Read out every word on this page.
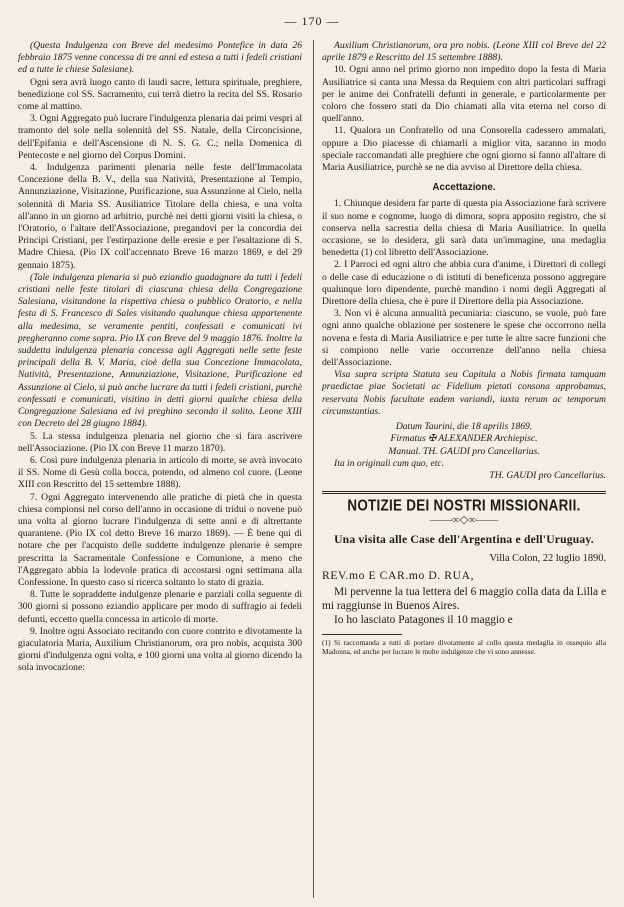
— 170 —

(Questa Indulgenza con Breve del medesimo Pontefice in data 26 febbraio 1875 venne concessa di tre anni ed estesa a tutti i fedeli cristiani ed a tutte le chiese Salesiane).

Ogni sera avrà luogo canto di laudi sacre, lettura spirituale, preghiere, benedizione col SS. Sacramento, cui terrà dietro la recita del SS. Rosario come al mattino.

3. Ogni Aggregato può lucrare l'indulgenza plenaria dai primi vespri al tramonto del sole nella solennità del SS. Natale, della Circoncisione, dell'Epifania e dell'Ascensione di N. S. G. C.; nella Domenica di Pentecoste e nel giorno del Corpus Domini.

4. Indulgenza parimenti plenaria nelle feste dell'Immacolata Concezione della B. V., della sua Natività, Presentazione al Tempio, Annunziazione, Visitazione, Purificazione, sua Assunzione al Cielo, nella solennità di Maria SS. Ausiliatrice Titolare della chiesa, e una volta all'anno in un giorno ad arbitrio, purchè nei detti giorni visiti la chiesa, o l'Oratorio, o l'altare dell'Associazione, pregandovi per la concordia dei Principi Cristiani, per l'estirpazione delle eresie e per l'esaltazione di S. Madre Chiesa. (Pio IX coll'accennato Breve 16 marzo 1869, e del 29 gennaio 1875).

(Tale indulgenza plenaria si può eziandio guadagnare da tutti i fedeli cristiani nelle feste titolari di ciascuna chiesa della Congregazione Salesiana, visitandone la rispettiva chiesa o pubblico Oratorio, e nella festa di S. Francesco di Sales visitando qualunque chiesa appartenente alla medesima, se veramente pentiti, confessati e comunicati ivi pregheranno come sopra. Pio IX con Breve del 9 maggio 1876. Inoltre la suddetta indulgenza plenaria concessa agli Aggregati nelle sette feste principali della B. V. Maria, cioè della sua Concezione Immacolata, Natività, Presentazione, Annunziazione, Visitazione, Purificazione ed Assunzione al Cielo, si può anche lucrare da tutti i fedeli cristiani, purchè confessati e comunicati, visitino in detti giorni qualche chiesa della Congregazione Salesiana ed ivi preghino secondo il solito. Leone XIII con Decreto del 28 giugno 1884).

5. La stessa indulgenza plenaria nel giorno che si fara ascrivere nell'Associazione. (Pio IX con Breve 11 marzo 1870).

6. Così pure indulgenza plenaria in articolo di morte, se avrà invocato il SS. Nome di Gesù colla bocca, potendo, od almeno col cuore. (Leone XIII con Rescritto del 15 settembre 1888).

7. Ogni Aggregato intervenendo alle pratiche di pietà che in questa chiesa compionsi nel corso dell'anno in occasione di tridui o novene può una volta al giorno lucrare l'indulgenza di sette anni e di altrettante quarantene. (Pio IX col detto Breve 16 marzo 1869). — È bene qui di notare che per l'acquisto delle suddette indulgenze plenarie è sempre prescritta la Sacramentale Confessione e Comunione, a meno che l'Aggregato abbia la lodevole pratica di accostarsi ogni settimana alla Confessione. In questo caso si ricerca soltanto lo stato di grazia.

8. Tutte le sopraddette indulgenze plenarie e parziali colla seguente di 300 giorni si possono eziandio applicare per modo di suffragio ai fedeli defunti, eccetto quella concessa in articolo di morte.

9. Inoltre ogni Associato recitando con cuore contrito e divotamente la giaculatoria Maria, Auxilium Christianorum, ora pro nobis, acquista 300 giorni d'indulgenza ogni volta, e 100 giorni una volta al giorno dicendo la sola invocazione:

Auxilium Christianorum, ora pro nobis. (Leone XIII col Breve del 22 aprile 1879 e Rescritto del 15 settembre 1888).

10. Ogni anno nel primo giorno non impedito dopo la festa di Maria Ausiliatrice si canta una Messa da Requiem con altri particolari suffragi per le anime dei Confratelli defunti in generale, e particolarmente per coloro che fossero stati da Dio chiamati alla vita eterna nel corso di quell'anno.

11. Qualora un Confratello od una Consorella cadessero ammalati, oppure a Dio piacesse di chiamarli a miglior vita, saranno in modo speciale raccomandati alle preghiere che ogni giorno si fanno all'altare di Maria Ausiliatrice, purchè se ne dia avviso al Direttore della chiesa.

Accettazione.

1. Chiunque desidera far parte di questa pia Associazione farà scrivere il suo nome e cognome, luogo di dimora, sopra apposito registro, che si conserva nella sacrestia della chiesa di Maria Ausiliatrice. In quella occasione, se lo desidera, gli sarà data un'immagine, una medaglia benedetta (1) col libretto dell'Associazione.

2. I Parroci ed ogni altro che abbia cura d'anime, i Direttori di collegi o delle case di educazione o di istituti di beneficenza possono aggregare qualunque loro dipendente, purchè mandino i nomi degli Aggregati al Direttore della chiesa, che è pure il Direttore della pia Associazione.

3. Non vi è alcuna annualità pecuniaria: ciascuno, se vuole, può fare ogni anno qualche oblazione per sostenere le spese che occorrono nella novena e festa di Maria Ausiliatrice e per tutte le altre sacre funzioni che si compiono nelle varie occorrenze dell'anno nella chiesa dell'Associazione.

Visa supra scripta Statuta seu Capitula a Nobis firmata tamquam praedictae piae Societati ac Fidelium pietati consona approbamus, reservata Nobis facultate eadem variandi, iuxta rerum ac temporum circumstantias.

Datum Taurini, die 18 aprilis 1869.

Firmatus ✠ ALEXANDER Archiepisc.

Manual. TH. GAUDI pro Cancellarius.

Ita in originali cum quo, etc.

TH. GAUDI pro Cancellarius.

NOTIZIE DEI NOSTRI MISSIONARII.
——∞◇∞——
Una visita alle Case dell'Argentina e dell'Uruguay.

Villa Colon, 22 luglio 1890.

REV.mo E CAR.mo D. RUA,

Mi pervenne la tua lettera del 6 maggio colla data da Lilla e mi raggiunse in Buenos Aires.

Io ho lasciato Patagones il 10 maggio e

(1) Si raccomanda a tutti di portare divotamente al collo questa medaglia in ossequio alla Madonna, ed anche per lucrare le molte indulgenze che vi sono annesse.
